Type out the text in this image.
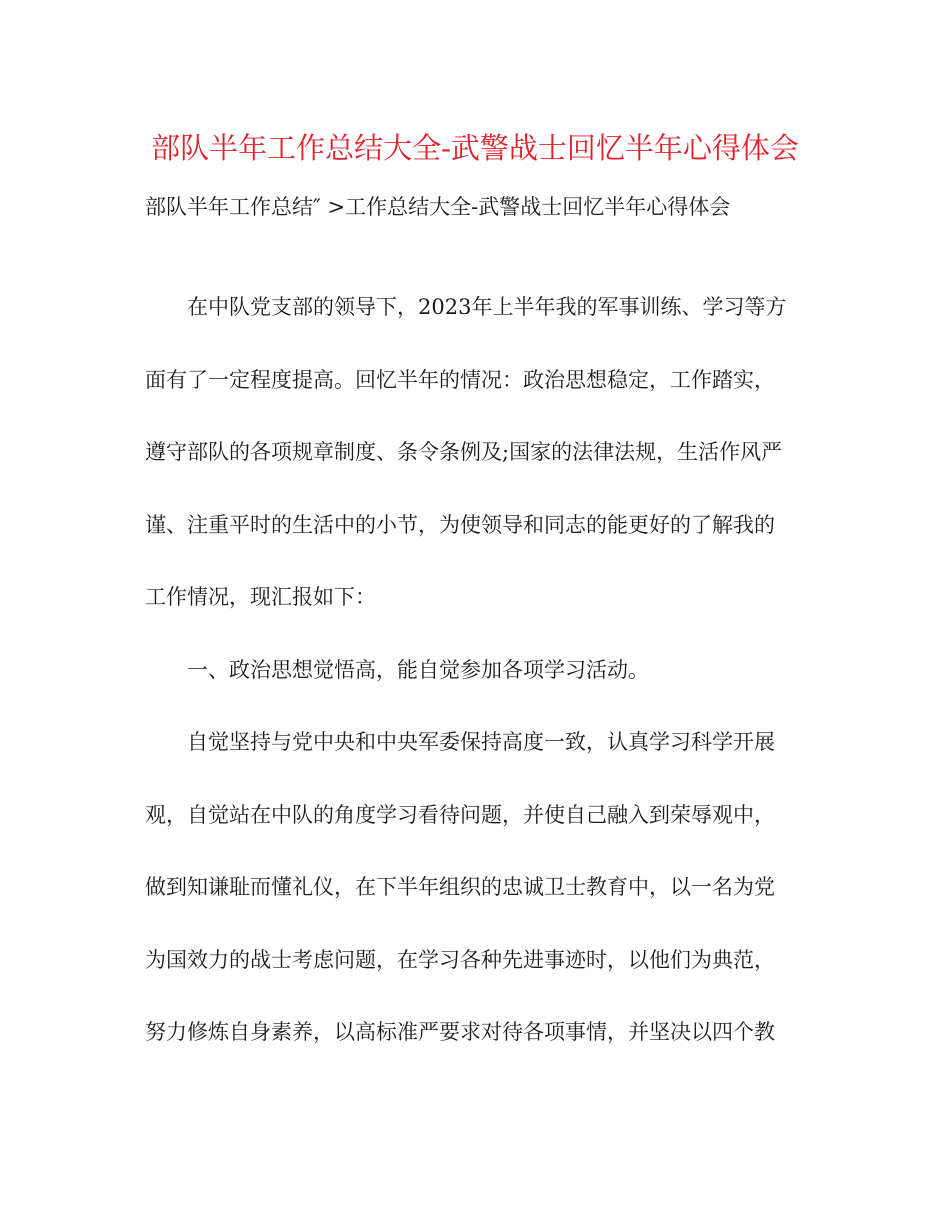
部队半年工作总结大全-武警战士回忆半年心得体会
部队半年工作总结″ >工作总结大全-武警战士回忆半年心得体会
在中队党支部的领导下，2023年上半年我的军事训练、学习等方
面有了一定程度提高。回忆半年的情况：政治思想稳定，工作踏实，
遵守部队的各项规章制度、条令条例及;国家的法律法规，生活作风严
谨、注重平时的生活中的小节，为使领导和同志的能更好的了解我的
工作情况，现汇报如下：
一、政治思想觉悟高，能自觉参加各项学习活动。
自觉坚持与党中央和中央军委保持高度一致，认真学习科学开展
观，自觉站在中队的角度学习看待问题，并使自己融入到荣辱观中，
做到知谦耻而懂礼仪，在下半年组织的忠诚卫士教育中，以一名为党
为国效力的战士考虑问题，在学习各种先进事迹时，以他们为典范，
努力修炼自身素养，以高标准严要求对待各项事情，并坚决以四个教
